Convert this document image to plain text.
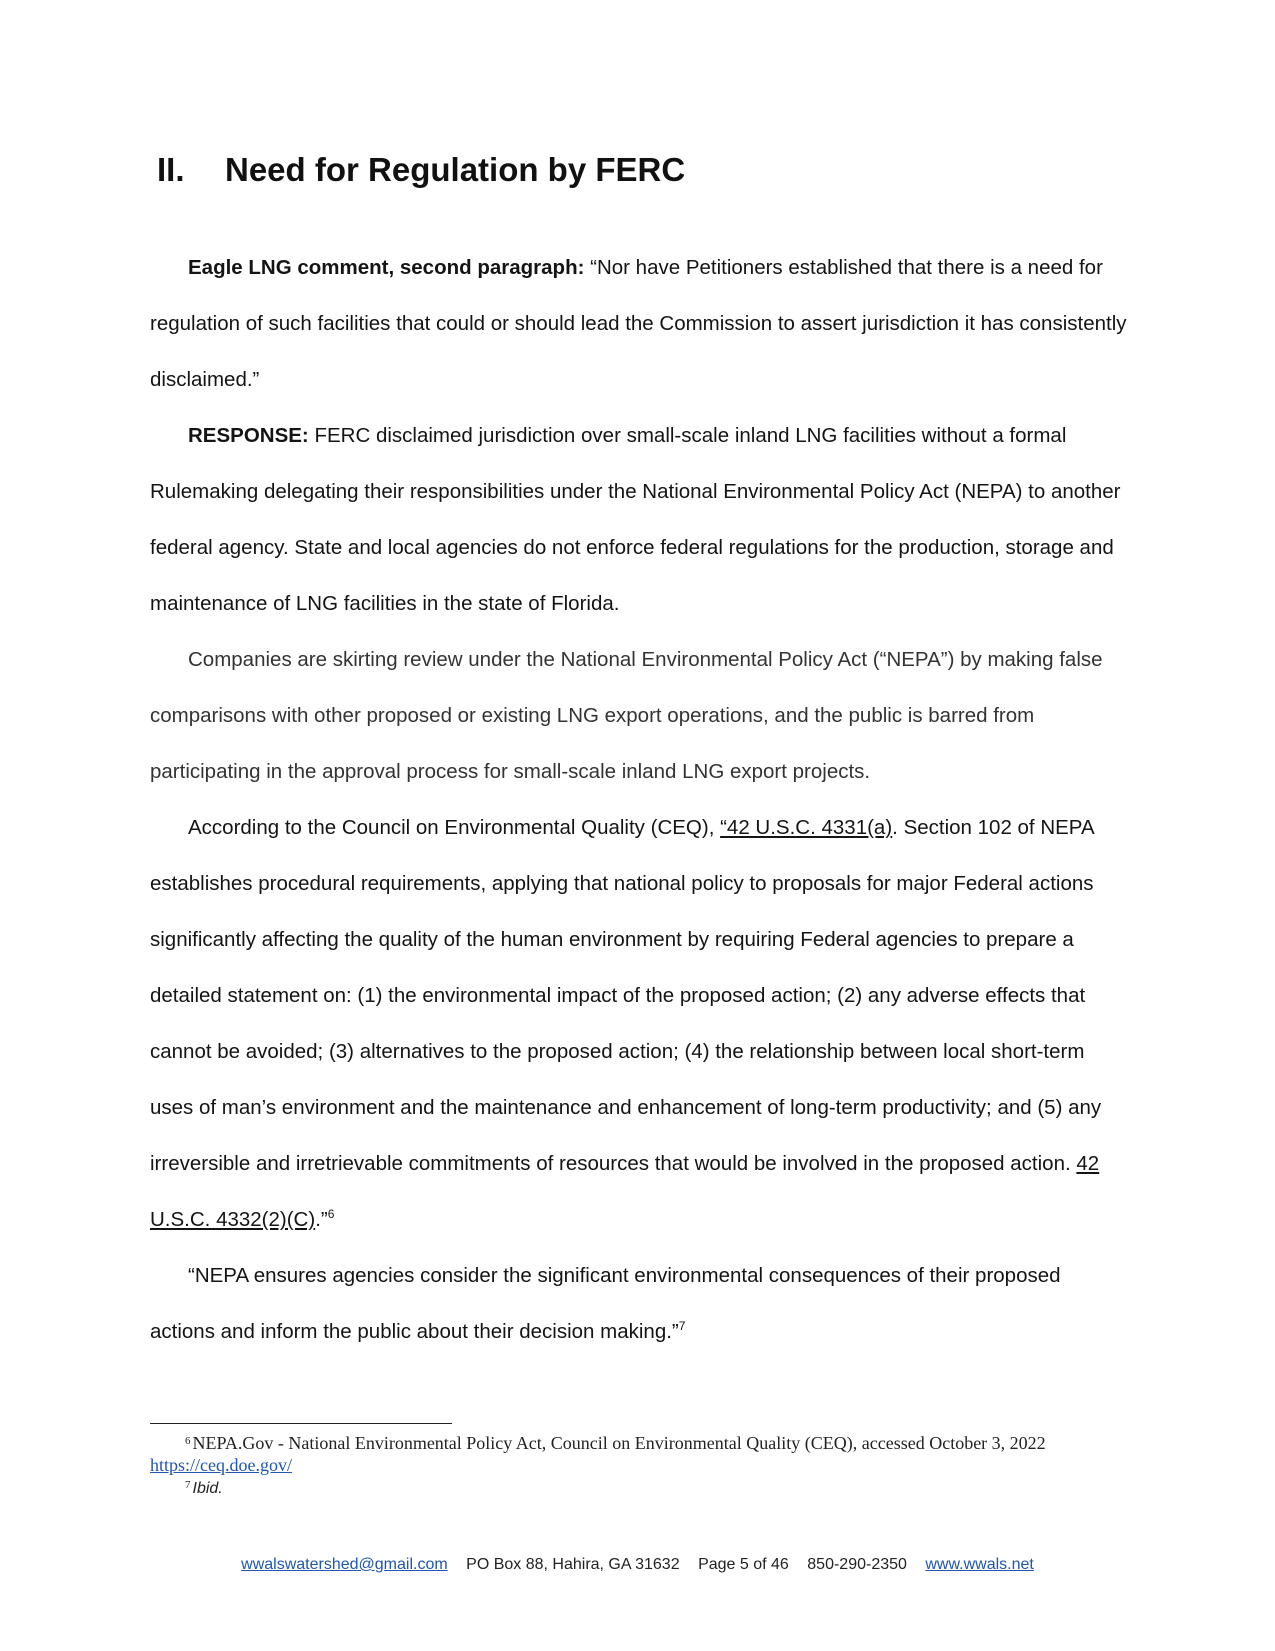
II. Need for Regulation by FERC

Eagle LNG comment, second paragraph: “Nor have Petitioners established that there is a need for regulation of such facilities that could or should lead the Commission to assert jurisdiction it has consistently disclaimed.”

RESPONSE: FERC disclaimed jurisdiction over small-scale inland LNG facilities without a formal Rulemaking delegating their responsibilities under the National Environmental Policy Act (NEPA) to another federal agency. State and local agencies do not enforce federal regulations for the production, storage and maintenance of LNG facilities in the state of Florida.

Companies are skirting review under the National Environmental Policy Act (“NEPA”) by making false comparisons with other proposed or existing LNG export operations, and the public is barred from participating in the approval process for small-scale inland LNG export projects.

According to the Council on Environmental Quality (CEQ), “42 U.S.C. 4331(a). Section 102 of NEPA establishes procedural requirements, applying that national policy to proposals for major Federal actions significantly affecting the quality of the human environment by requiring Federal agencies to prepare a detailed statement on: (1) the environmental impact of the proposed action; (2) any adverse effects that cannot be avoided; (3) alternatives to the proposed action; (4) the relationship between local short-term uses of man’s environment and the maintenance and enhancement of long-term productivity; and (5) any irreversible and irretrievable commitments of resources that would be involved in the proposed action. 42 U.S.C. 4332(2)(C).”$^6$

“NEPA ensures agencies consider the significant environmental consequences of their proposed actions and inform the public about their decision making.”$^7$

$^6$ NEPA.Gov - National Environmental Policy Act, Council on Environmental Quality (CEQ), accessed October 3, 2022
https://ceq.doe.gov/
$^7$ Ibid.
wwalswatershed@gmail.com PO Box 88, Hahira, GA 31632 Page 5 of 46 850-290-2350 www.wwals.net
